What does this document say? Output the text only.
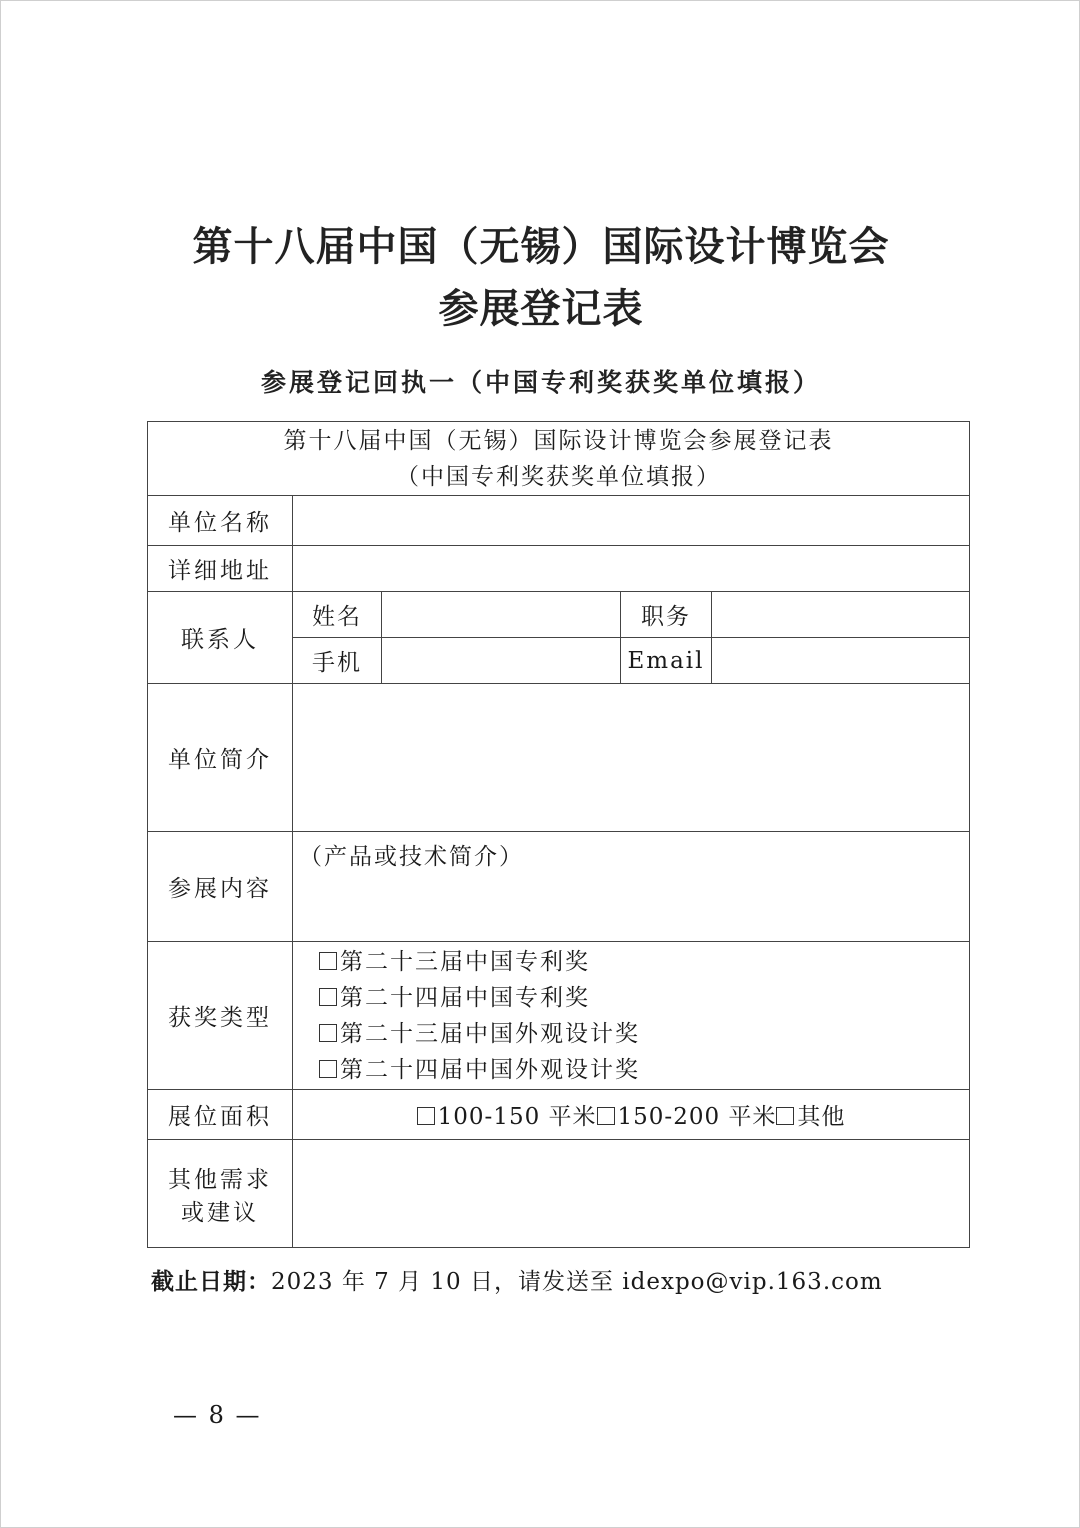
第十八届中国（无锡）国际设计博览会
参展登记表
参展登记回执一（中国专利奖获奖单位填报）
第十八届中国（无锡）国际设计博览会参展登记表
（中国专利奖获奖单位填报）				

单位名称				
详细地址				
联系人	姓名		职务	
	手机		Email	
单位简介				
参展内容	（产品或技术简介）			
获奖类型	第二十三届中国专利奖
第二十四届中国专利奖
第二十三届中国外观设计奖
第二十四届中国外观设计奖			

展位面积	100-150 平米 150-200 平米 其他			

其他需求
或建议				

截止日期：2023 年 7 月 10 日，请发送至 idexpo@vip.163.com
— 8 —
